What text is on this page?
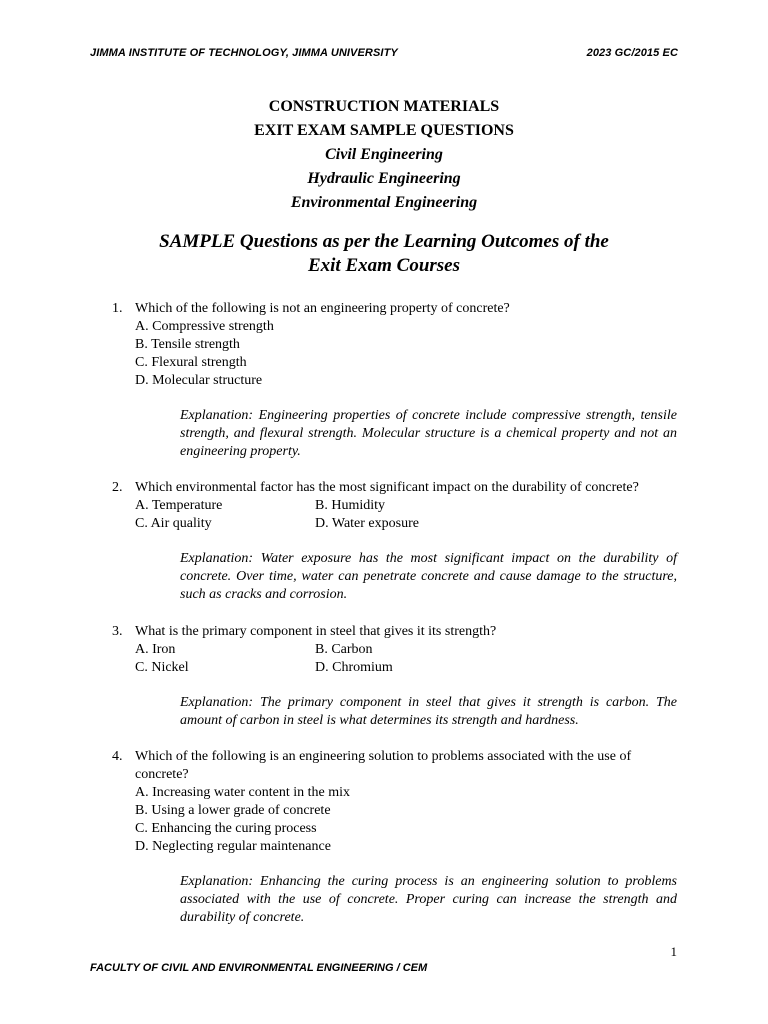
JIMMA INSTITUTE OF TECHNOLOGY, JIMMA UNIVERSITY	2023 GC/2015 EC
CONSTRUCTION MATERIALS
EXIT EXAM SAMPLE QUESTIONS
Civil Engineering
Hydraulic Engineering
Environmental Engineering
SAMPLE Questions as per the Learning Outcomes of the
Exit Exam Courses
1. Which of the following is not an engineering property of concrete?
A. Compressive strength
B. Tensile strength
C. Flexural strength
D. Molecular structure
Explanation: Engineering properties of concrete include compressive strength, tensile strength, and flexural strength. Molecular structure is a chemical property and not an engineering property.
2. Which environmental factor has the most significant impact on the durability of concrete?
A. Temperature	B. Humidity
C. Air quality	D. Water exposure
Explanation: Water exposure has the most significant impact on the durability of concrete. Over time, water can penetrate concrete and cause damage to the structure, such as cracks and corrosion.
3. What is the primary component in steel that gives it its strength?
A. Iron	B. Carbon
C. Nickel	D. Chromium
Explanation: The primary component in steel that gives it strength is carbon. The amount of carbon in steel is what determines its strength and hardness.
4. Which of the following is an engineering solution to problems associated with the use of concrete?
A. Increasing water content in the mix
B. Using a lower grade of concrete
C. Enhancing the curing process
D. Neglecting regular maintenance
Explanation: Enhancing the curing process is an engineering solution to problems associated with the use of concrete. Proper curing can increase the strength and durability of concrete.
1
FACULTY OF CIVIL AND ENVIRONMENTAL ENGINEERING / CEM
